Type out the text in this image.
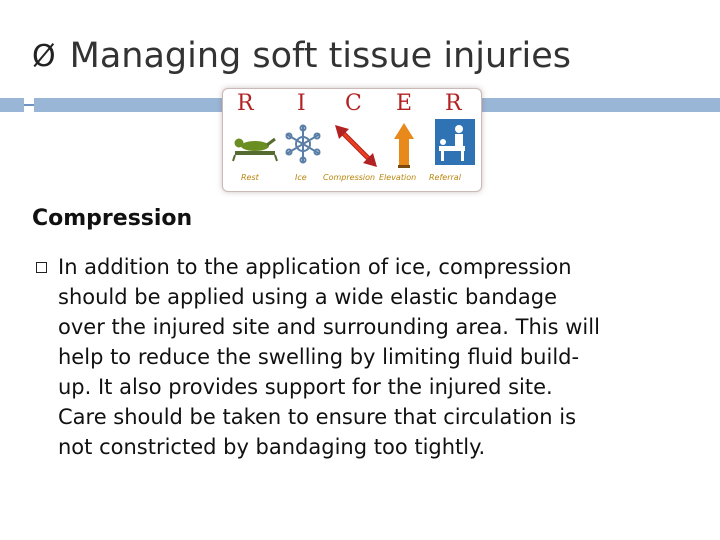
Ø Managing soft tissue injuries
R I C E R
Rest	Ice Compression Elevation Referral
Compression
In addition to the application of ice, compression
should be applied using a wide elastic bandage
over the injured site and surrounding area. This will
help to reduce the swelling by limiting fluid build-
up. It also provides support for the injured site.
Care should be taken to ensure that circulation is
not constricted by bandaging too tightly.
